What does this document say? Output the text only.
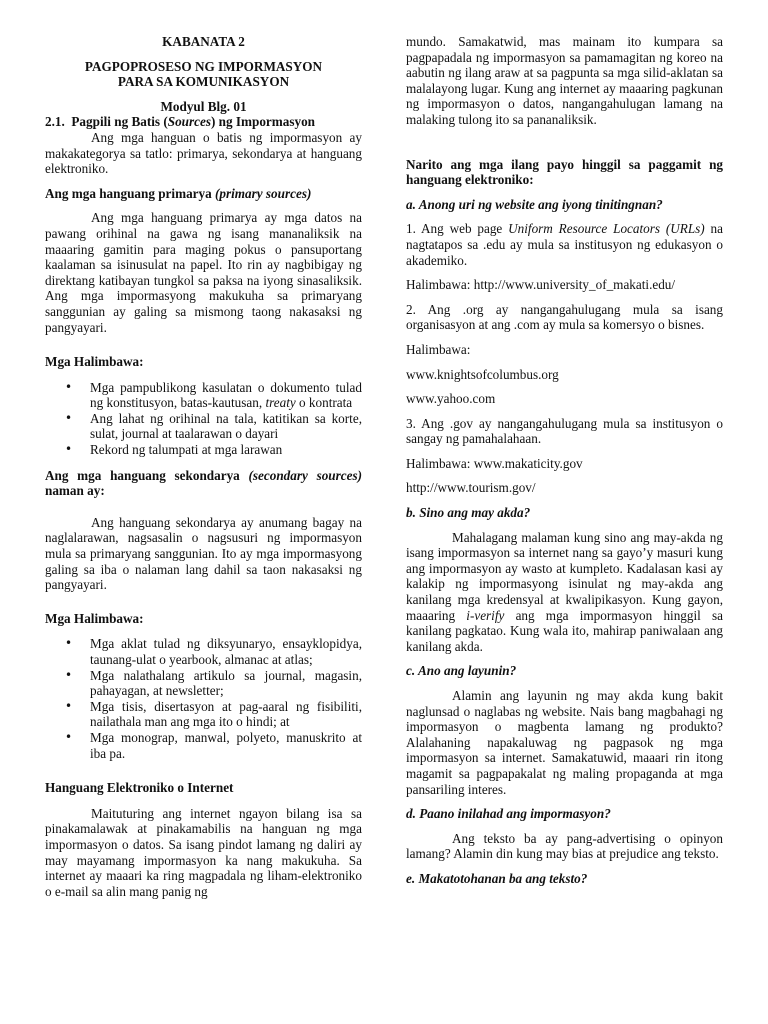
KABANATA 2

PAGPOPROSESO NG IMPORMASYON

PARA SA KOMUNIKASYON

Modyul Blg. 01

2.1. Pagpili ng Batis (Sources) ng Impormasyon

Ang mga hanguan o batis ng impormasyon ay makakategorya sa tatlo: primarya, sekondarya at hanguang elektroniko.

Ang mga hanguang primarya (primary sources)

Ang mga hanguang primarya ay mga datos na pawang orihinal na gawa ng isang mananaliksik na maaaring gamitin para maging pokus o pansuportang kaalaman sa isinusulat na papel. Ito rin ay nagbibigay ng direktang katibayan tungkol sa paksa na iyong sinasaliksik. Ang mga impormasyong makukuha sa primaryang sanggunian ay galing sa mismong taong nakasaksi ng pangyayari.

Mga Halimbawa:

• Mga pampublikong kasulatan o dokumento tulad ng konstitusyon, batas-kautusan, treaty o kontrata
• Ang lahat ng orihinal na tala, katitikan sa korte, sulat, journal at taalarawan o dayari
• Rekord ng talumpati at mga larawan

Ang mga hanguang sekondarya (secondary sources) naman ay:

Ang hanguang sekondarya ay anumang bagay na naglalarawan, nagsasalin o nagsusuri ng impormasyon mula sa primaryang sanggunian. Ito ay mga impormasyong galing sa iba o nalaman lang dahil sa taon nakasaksi ng pangyayari.

Mga Halimbawa:

• Mga aklat tulad ng diksyunaryo, ensayklopidya, taunang-ulat o yearbook, almanac at atlas;
• Mga nalathalang artikulo sa journal, magasin, pahayagan, at newsletter;
• Mga tisis, disertasyon at pag-aaral ng fisibiliti, nailathala man ang mga ito o hindi; at
• Mga monograp, manwal, polyeto, manuskrito at iba pa.

Hanguang Elektroniko o Internet

Maituturing ang internet ngayon bilang isa sa pinakamalawak at pinakamabilis na hanguan ng mga impormasyon o datos. Sa isang pindot lamang ng daliri ay may mayamang impormasyon ka nang makukuha. Sa internet ay maaari ka ring magpadala ng liham-elektroniko o e-mail sa alin mang panig ng

mundo. Samakatwid, mas mainam ito kumpara sa pagpapadala ng impormasyon sa pamamagitan ng koreo na aabutin ng ilang araw at sa pagpunta sa mga silid-aklatan sa malalayong lugar. Kung ang internet ay maaaring pagkunan ng impormasyon o datos, nangangahulugan lamang na malaking tulong ito sa pananaliksik.

Narito ang mga ilang payo hinggil sa paggamit ng hanguang elektroniko:

a. Anong uri ng website ang iyong tinitingnan?

1. Ang web page Uniform Resource Locators (URLs) na nagtatapos sa .edu ay mula sa institusyon ng edukasyon o akademiko.

Halimbawa: http://www.university_of_makati.edu/

2. Ang .org ay nangangahulugang mula sa isang organisasyon at ang .com ay mula sa komersyo o bisnes.

Halimbawa:

www.knightsofcolumbus.org

www.yahoo.com

3. Ang .gov ay nangangahulugang mula sa institusyon o sangay ng pamahalahaan.

Halimbawa: www.makaticity.gov

http://www.tourism.gov/

b. Sino ang may akda?

Mahalagang malaman kung sino ang may-akda ng isang impormasyon sa internet nang sa gayo’y masuri kung ang impormasyon ay wasto at kumpleto. Kadalasan kasi ay kalakip ng impormasyong isinulat ng may-akda ang kanilang mga kredensyal at kwalipikasyon. Kung gayon, maaaring i-verify ang mga impormasyon hinggil sa kanilang pagkatao. Kung wala ito, mahirap paniwalaan ang kanilang akda.

c. Ano ang layunin?

Alamin ang layunin ng may akda kung bakit naglunsad o naglabas ng website. Nais bang magbahagi ng impormasyon o magbenta lamang ng produkto? Alalahaning napakaluwag ng pagpasok ng mga impormasyon sa internet. Samakatuwid, maaari rin itong magamit sa pagpapakalat ng maling propaganda at mga pansariling interes.

d. Paano inilahad ang impormasyon?

Ang teksto ba ay pang-advertising o opinyon lamang? Alamin din kung may bias at prejudice ang teksto.

e. Makatotohanan ba ang teksto?
